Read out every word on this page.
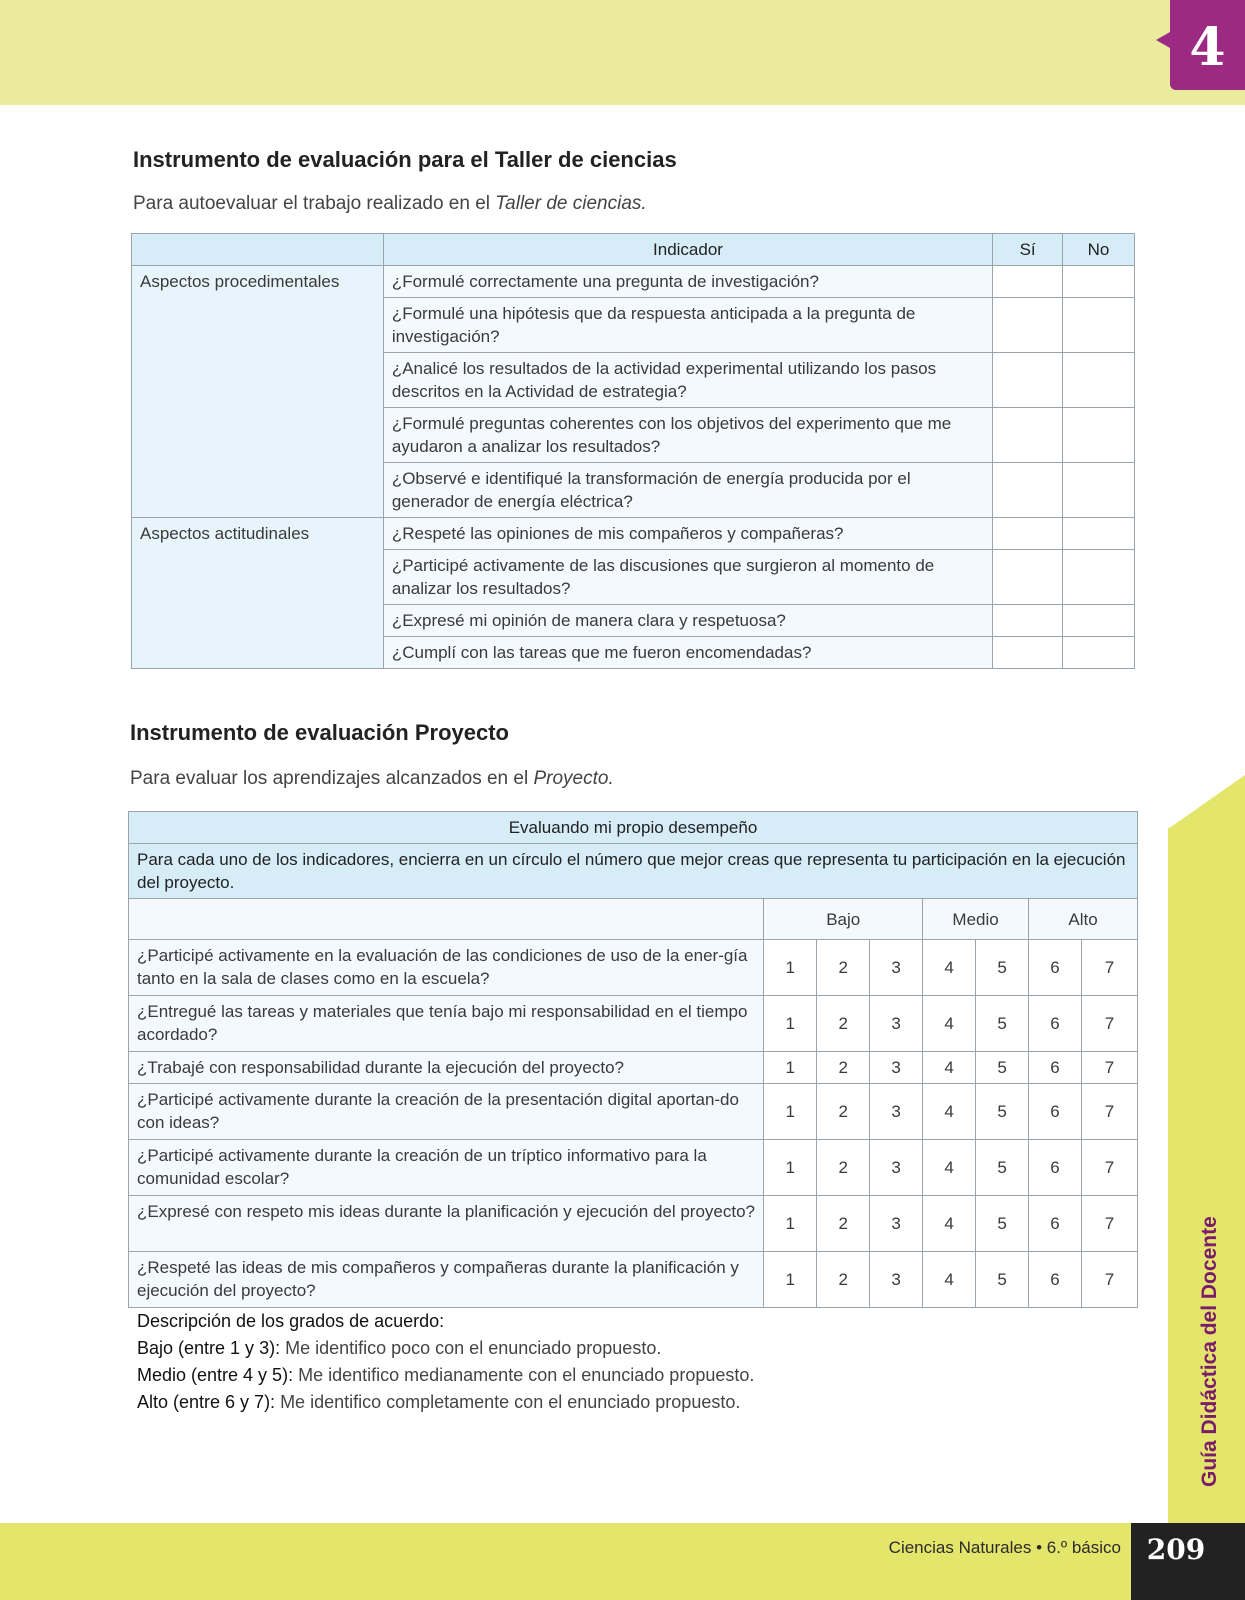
4
Guía Didáctica del Docente
Instrumento de evaluación para el Taller de ciencias
Para autoevaluar el trabajo realizado en el Taller de ciencias.
	Indicador	Sí	No
Aspectos procedimentales	¿Formulé correctamente una pregunta de investigación?		
	¿Formulé una hipótesis que da respuesta anticipada a la pregunta de investigación?		
	¿Analicé los resultados de la actividad experimental utilizando los pasos descritos en la Actividad de estrategia?		
	¿Formulé preguntas coherentes con los objetivos del experimento que me ayudaron a analizar los resultados?		
	¿Observé e identifiqué la transformación de energía producida por el generador de energía eléctrica?		
Aspectos actitudinales	¿Respeté las opiniones de mis compañeros y compañeras?		
	¿Participé activamente de las discusiones que surgieron al momento de analizar los resultados?		
	¿Expresé mi opinión de manera clara y respetuosa?		
	¿Cumplí con las tareas que me fueron encomendadas?		
Instrumento de evaluación Proyecto
Para evaluar los aprendizajes alcanzados en el Proyecto.
Evaluando mi propio desempeño							
Para cada uno de los indicadores, encierra en un círculo el número que mejor creas que representa tu participación en la ejecución del proyecto.							
	Bajo			Medio		Alto	
¿Participé activamente en la evaluación de las condiciones de uso de la ener-gía tanto en la sala de clases como en la escuela?	1	2	3	4	5	6	7
¿Entregué las tareas y materiales que tenía bajo mi responsabilidad en el tiempo acordado?	1	2	3	4	5	6	7
¿Trabajé con responsabilidad durante la ejecución del proyecto?	1	2	3	4	5	6	7
¿Participé activamente durante la creación de la presentación digital aportan-do con ideas?	1	2	3	4	5	6	7
¿Participé activamente durante la creación de un tríptico informativo para la comunidad escolar?	1	2	3	4	5	6	7
¿Expresé con respeto mis ideas durante la planificación y ejecución del proyecto?	1	2	3	4	5	6	7
¿Respeté las ideas de mis compañeros y compañeras durante la planificación y ejecución del proyecto?	1	2	3	4	5	6	7
Descripción de los grados de acuerdo:
Bajo (entre 1 y 3): Me identifico poco con el enunciado propuesto.
Medio (entre 4 y 5): Me identifico medianamente con el enunciado propuesto.
Alto (entre 6 y 7): Me identifico completamente con el enunciado propuesto.
Ciencias Naturales • 6.º básico 209
